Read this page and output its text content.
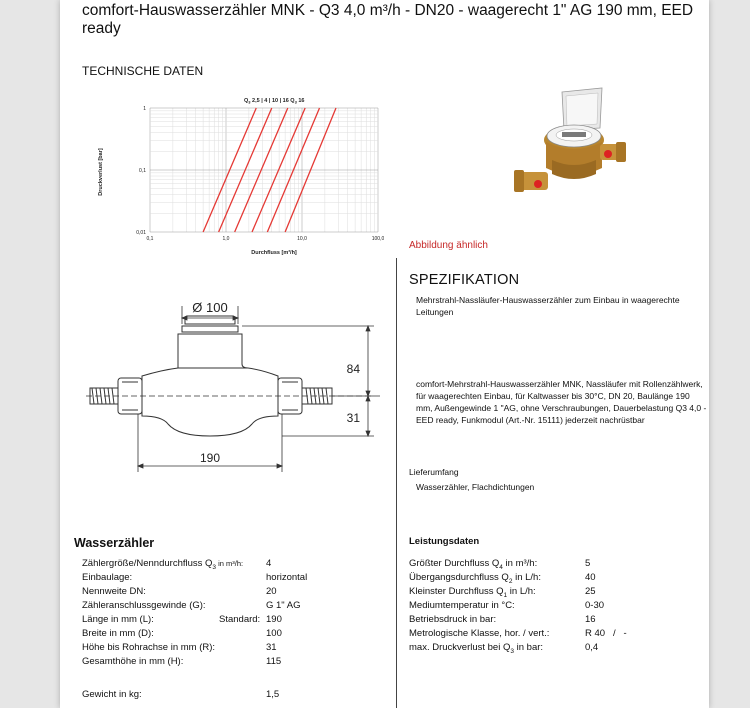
comfort-Hauswasserzähler MNK - Q3 4,0 m³/h - DN20 - waagerecht 1" AG 190 mm, EED ready
TECHNISCHE DATEN
0,1	1,0	10,0	100,0
1
0,1
0,01
$Q_3$ 2,5 | 4 | 10 | 16 $Q_3$ 16
Durchfluss [m³/h]
Druckverlust [bar]
Abbildung ähnlich
Ø 100
84
31
190
SPEZIFIKATION
Mehrstrahl-Nassläufer-Hauswasserzähler zum Einbau in waagerechte
Leitungen
comfort-Mehrstrahl-Hauswasserzähler MNK, Nassläufer mit Rollenzählwerk,
für waagerechten Einbau, für Kaltwasser bis 30°C, DN 20, Baulänge 190
mm, Außengewinde 1 "AG, ohne Verschraubungen, Dauerbelastung Q3 4,0 -
EED ready, Funkmodul (Art.-Nr. 15111) jederzeit nachrüstbar
Lieferumfang
Wasserzähler, Flachdichtungen
Wasserzähler
Zählergröße/Nenndurchfluss $Q_3$ in m³/h: 4
Einbaulage:	horizontal
Nennweite DN:	20
Zähleranschlussgewinde (G):	G 1" AG
Länge in mm (L):	Standard: 190
Breite in mm (D):	100
Höhe bis Rohrachse in mm (R):	31
Gesamthöhe in mm (H):	115
Gewicht in kg:	1,5
Leistungsdaten
Größter Durchfluss $Q_4$ in m³/h:	5
Übergangsdurchfluss $Q_2$ in L/h:	40
Kleinster Durchfluss $Q_1$ in L/h:	25
Mediumtemperatur in °C:	0-30
Betriebsdruck in bar:	16
Metrologische Klasse, hor. / vert.:	R 40   /   -
max. Druckverlust bei $Q_3$ in bar:	0,4
